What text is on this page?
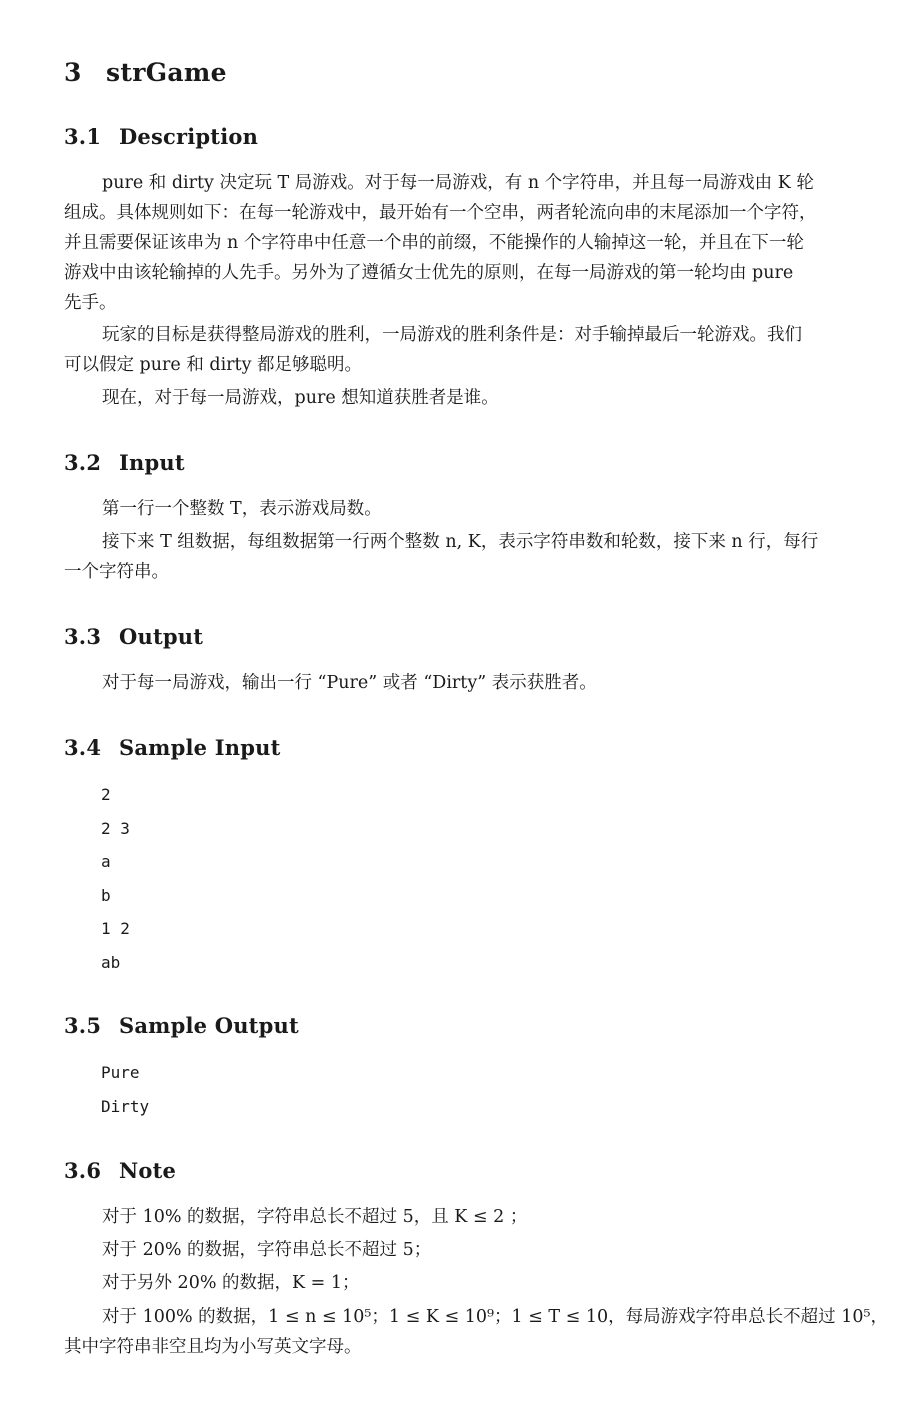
3 strGame
3.1 Description
pure 和 dirty 决定玩 T 局游戏。对于每一局游戏，有 n 个字符串，并且每一局游戏由 K 轮
组成。具体规则如下：在每一轮游戏中，最开始有一个空串，两者轮流向串的末尾添加一个字符，
并且需要保证该串为 n 个字符串中任意一个串的前缀，不能操作的人输掉这一轮，并且在下一轮
游戏中由该轮输掉的人先手。另外为了遵循女士优先的原则，在每一局游戏的第一轮均由 pure
先手。
玩家的目标是获得整局游戏的胜利，一局游戏的胜利条件是：对手输掉最后一轮游戏。我们
可以假定 pure 和 dirty 都足够聪明。
现在，对于每一局游戏，pure 想知道获胜者是谁。
3.2 Input
第一行一个整数 T，表示游戏局数。
接下来 T 组数据，每组数据第一行两个整数 n, K，表示字符串数和轮数，接下来 n 行，每行
一个字符串。
3.3 Output
对于每一局游戏，输出一行 “Pure” 或者 “Dirty” 表示获胜者。
3.4 Sample Input
2
2 3
a
b
1 2
ab
3.5 Sample Output
Pure
Dirty
3.6 Note
对于 10% 的数据，字符串总长不超过 5，且 K ≤ 2 ；
对于 20% 的数据，字符串总长不超过 5；
对于另外 20% 的数据，K = 1；
对于 100% 的数据，1 ≤ n ≤ 10⁵；1 ≤ K ≤ 10⁹；1 ≤ T ≤ 10，每局游戏字符串总长不超过 10⁵，
其中字符串非空且均为小写英文字母。
